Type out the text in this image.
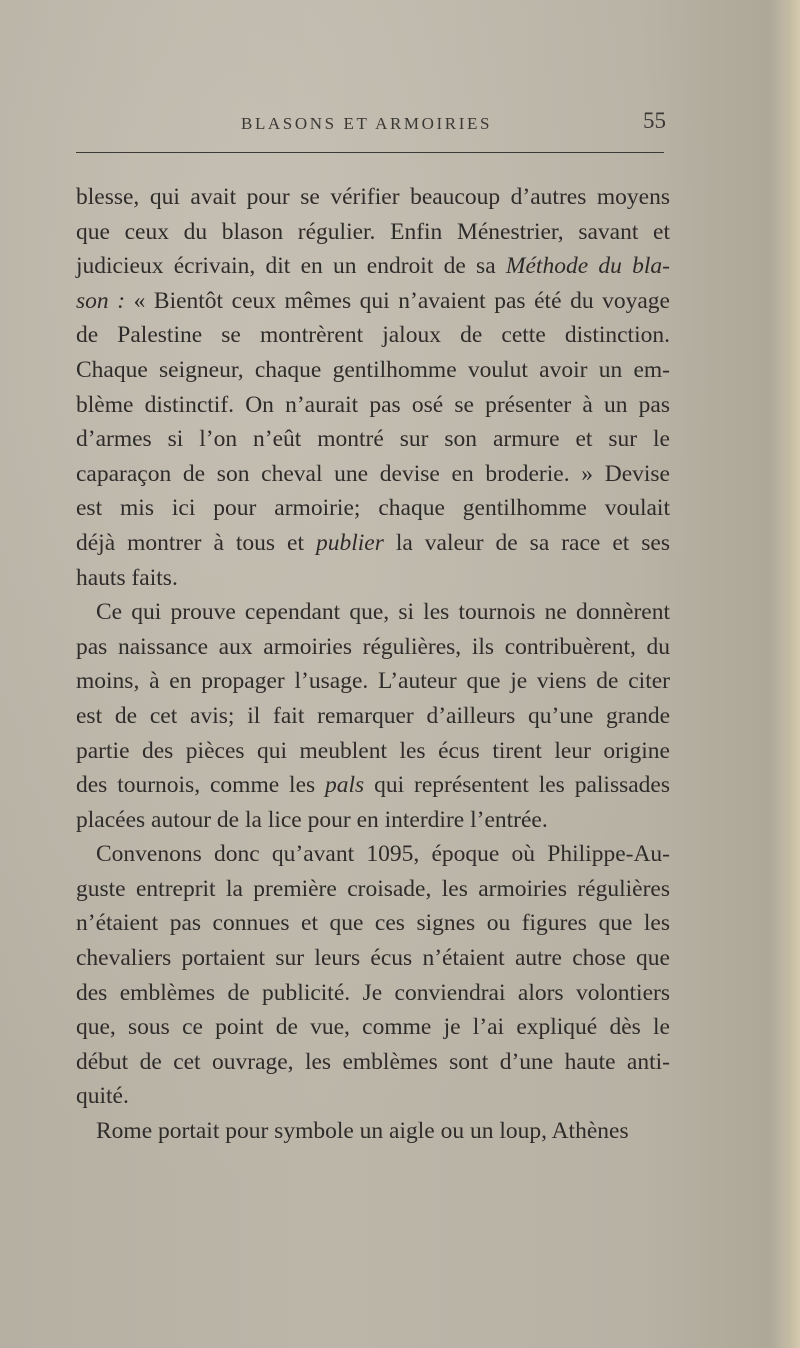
BLASONS ET ARMOIRIES	55
blesse, qui avait pour se vérifier beaucoup d’autres moyens
que ceux du blason régulier. Enfin Ménestrier, savant et
judicieux écrivain, dit en un endroit de sa Méthode du bla-
son : « Bientôt ceux mêmes qui n’avaient pas été du voyage
de Palestine se montrèrent jaloux de cette distinction.
Chaque seigneur, chaque gentilhomme voulut avoir un em-
blème distinctif. On n’aurait pas osé se présenter à un pas
d’armes si l’on n’eût montré sur son armure et sur le
caparaçon de son cheval une devise en broderie. » Devise
est mis ici pour armoirie; chaque gentilhomme voulait
déjà montrer à tous et publier la valeur de sa race et ses
hauts faits.
Ce qui prouve cependant que, si les tournois ne donnèrent
pas naissance aux armoiries régulières, ils contribuèrent, du
moins, à en propager l’usage. L’auteur que je viens de citer
est de cet avis; il fait remarquer d’ailleurs qu’une grande
partie des pièces qui meublent les écus tirent leur origine
des tournois, comme les pals qui représentent les palissades
placées autour de la lice pour en interdire l’entrée.
Convenons donc qu’avant 1095, époque où Philippe-Au-
guste entreprit la première croisade, les armoiries régulières
n’étaient pas connues et que ces signes ou figures que les
chevaliers portaient sur leurs écus n’étaient autre chose que
des emblèmes de publicité. Je conviendrai alors volontiers
que, sous ce point de vue, comme je l’ai expliqué dès le
début de cet ouvrage, les emblèmes sont d’une haute anti-
quité.
Rome portait pour symbole un aigle ou un loup, Athènes
